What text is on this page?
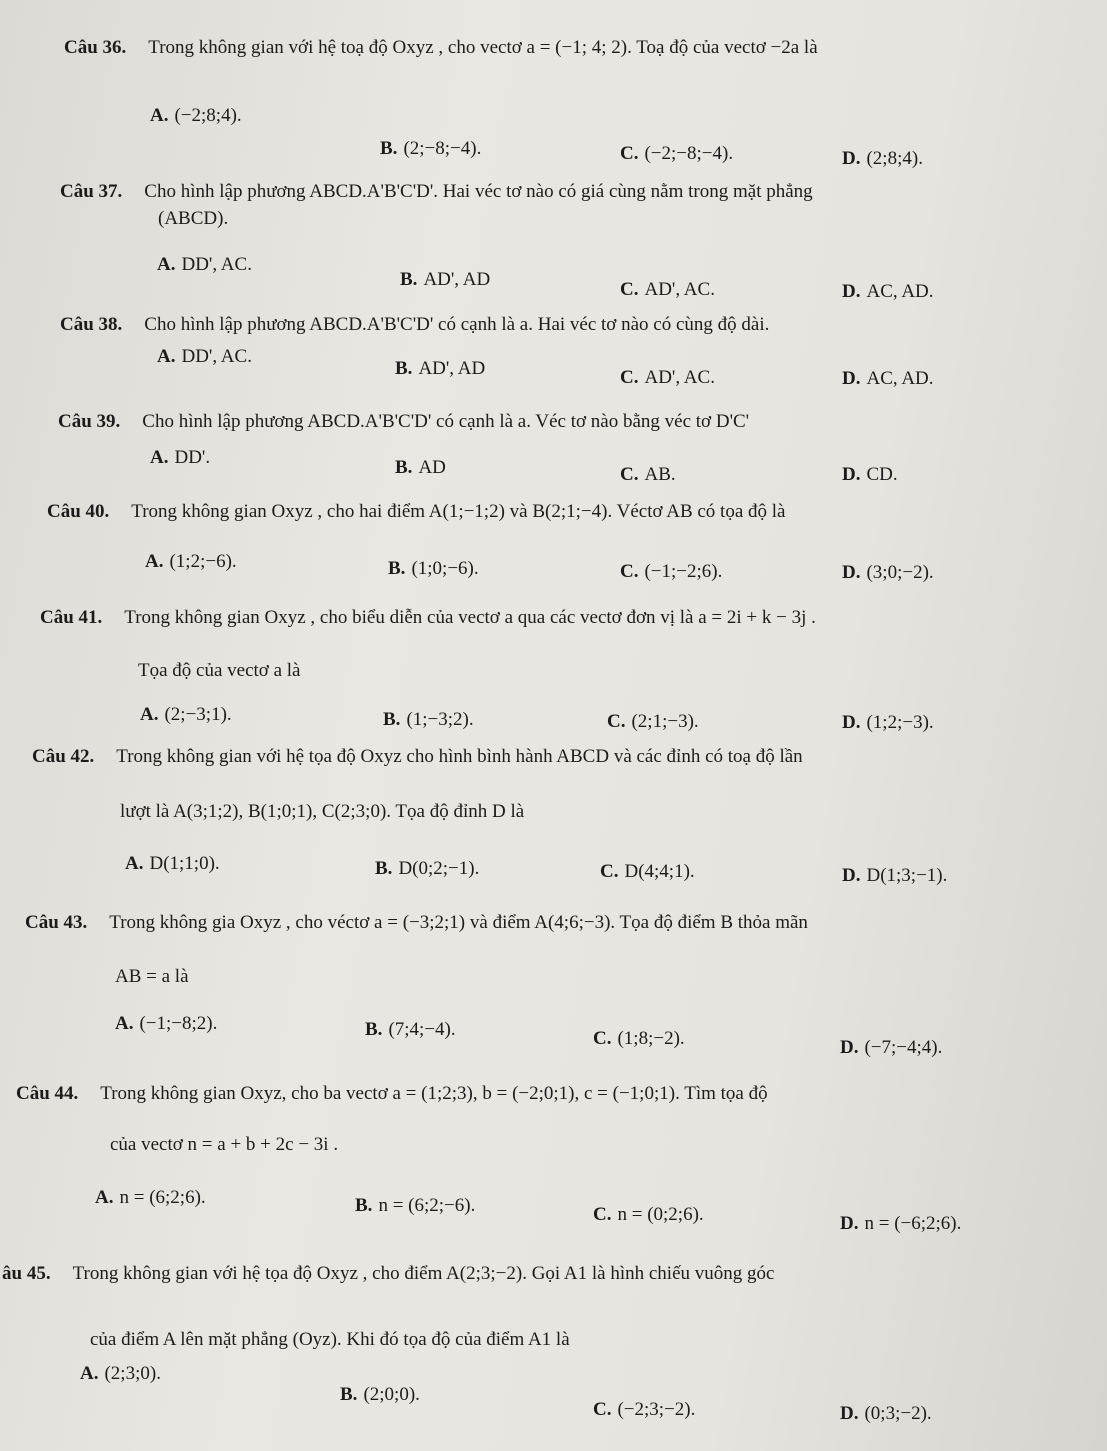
Câu 36. Trong không gian với hệ toạ độ Oxyz , cho vectơ a = (−1; 4; 2). Toạ độ của vectơ −2a là
A. (−2;8;4).
B. (2;−8;−4).	C. (−2;−8;−4).	D. (2;8;4).
Câu 37. Cho hình lập phương ABCD.A'B'C'D'. Hai véc tơ nào có giá cùng nằm trong mặt phẳng
(ABCD).
A. DD', AC.
B. AD', AD	C. AD', AC.	D. AC, AD.
Câu 38. Cho hình lập phương ABCD.A'B'C'D' có cạnh là a. Hai véc tơ nào có cùng độ dài.
A. DD', AC.
B. AD', AD	C. AD', AC.	D. AC, AD.
Câu 39. Cho hình lập phương ABCD.A'B'C'D' có cạnh là a. Véc tơ nào bằng véc tơ D'C'
A. DD'.	B. AD	C. AB.	D. CD.
Câu 40. Trong không gian Oxyz , cho hai điểm A(1;−1;2) và B(2;1;−4). Véctơ AB có tọa độ là
A. (1;2;−6).	B. (1;0;−6).	C. (−1;−2;6).	D. (3;0;−2).
Câu 41. Trong không gian Oxyz , cho biểu diễn của vectơ a qua các vectơ đơn vị là a = 2i + k − 3j .
Tọa độ của vectơ a là
A. (2;−3;1).	B. (1;−3;2).	C. (2;1;−3).	D. (1;2;−3).
Câu 42. Trong không gian với hệ tọa độ Oxyz cho hình bình hành ABCD và các đỉnh có toạ độ lần
lượt là A(3;1;2), B(1;0;1), C(2;3;0). Tọa độ đỉnh D là
A. D(1;1;0).	B. D(0;2;−1).	C. D(4;4;1).	D. D(1;3;−1).
Câu 43. Trong không gia Oxyz , cho véctơ a = (−3;2;1) và điểm A(4;6;−3). Tọa độ điểm B thỏa mãn
AB = a là
A. (−1;−8;2).	B. (7;4;−4).	C. (1;8;−2).	D. (−7;−4;4).
Câu 44. Trong không gian Oxyz, cho ba vectơ a = (1;2;3), b = (−2;0;1), c = (−1;0;1). Tìm tọa độ
của vectơ n = a + b + 2c − 3i .
A. n = (6;2;6).	B. n = (6;2;−6).	C. n = (0;2;6).	D. n = (−6;2;6).
âu 45. Trong không gian với hệ tọa độ Oxyz , cho điểm A(2;3;−2). Gọi A1 là hình chiếu vuông góc
của điểm A lên mặt phẳng (Oyz). Khi đó tọa độ của điểm A1 là
A. (2;3;0).
B. (2;0;0).
C. (−2;3;−2).	D. (0;3;−2).
